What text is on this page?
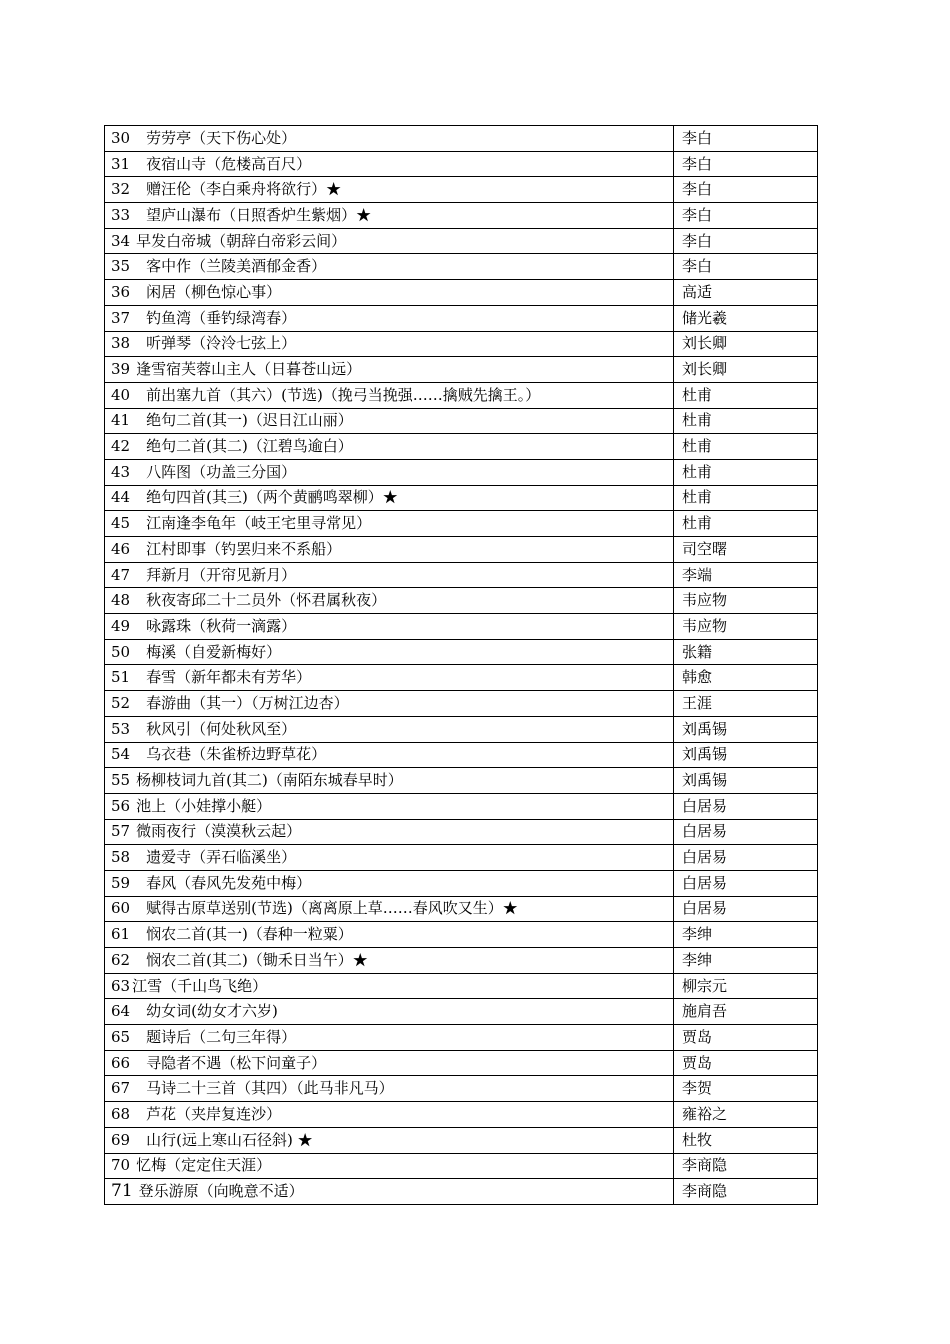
30 劳劳亭（天下伤心处）	李白
31 夜宿山寺（危楼高百尺）	李白
32 赠汪伦（李白乘舟将欲行）★	李白
33 望庐山瀑布（日照香炉生紫烟）★	李白
34 早发白帝城（朝辞白帝彩云间）	李白
35 客中作（兰陵美酒郁金香）	李白
36 闲居（柳色惊心事）	高适
37 钓鱼湾（垂钓绿湾春）	储光羲
38 听弹琴（泠泠七弦上）	刘长卿
39 逢雪宿芙蓉山主人（日暮苍山远）	刘长卿
40 前出塞九首（其六）(节选)（挽弓当挽强……擒贼先擒王。）	杜甫
41 绝句二首(其一)（迟日江山丽）	杜甫
42 绝句二首(其二)（江碧鸟逾白）	杜甫
43 八阵图（功盖三分国）	杜甫
44 绝句四首(其三)（两个黄鹂鸣翠柳）★	杜甫
45 江南逢李龟年（岐王宅里寻常见）	杜甫
46 江村即事（钓罢归来不系船）	司空曙
47 拜新月（开帘见新月）	李端
48 秋夜寄邱二十二员外（怀君属秋夜）	韦应物
49 咏露珠（秋荷一滴露）	韦应物
50 梅溪（自爱新梅好）	张籍
51 春雪（新年都未有芳华）	韩愈
52 春游曲（其一）（万树江边杏）	王涯
53 秋风引（何处秋风至）	刘禹锡
54 乌衣巷（朱雀桥边野草花）	刘禹锡
55 杨柳枝词九首(其二)（南陌东城春早时）	刘禹锡
56 池上（小娃撑小艇）	白居易
57 微雨夜行（漠漠秋云起）	白居易
58 遗爱寺（弄石临溪坐）	白居易
59 春风（春风先发苑中梅）	白居易
60 赋得古原草送别(节选)（离离原上草……春风吹又生）★	白居易
61 悯农二首(其一)（春种一粒粟）	李绅
62 悯农二首(其二)（锄禾日当午）★	李绅
63 江雪（千山鸟飞绝）	柳宗元
64 幼女词(幼女才六岁)	施肩吾
65 题诗后（二句三年得）	贾岛
66 寻隐者不遇（松下问童子）	贾岛
67 马诗二十三首（其四）（此马非凡马）	李贺
68 芦花（夹岸复连沙）	雍裕之
69 山行(远上寒山石径斜) ★	杜牧
70 忆梅（定定住天涯）	李商隐
71 登乐游原（向晚意不适）	李商隐
